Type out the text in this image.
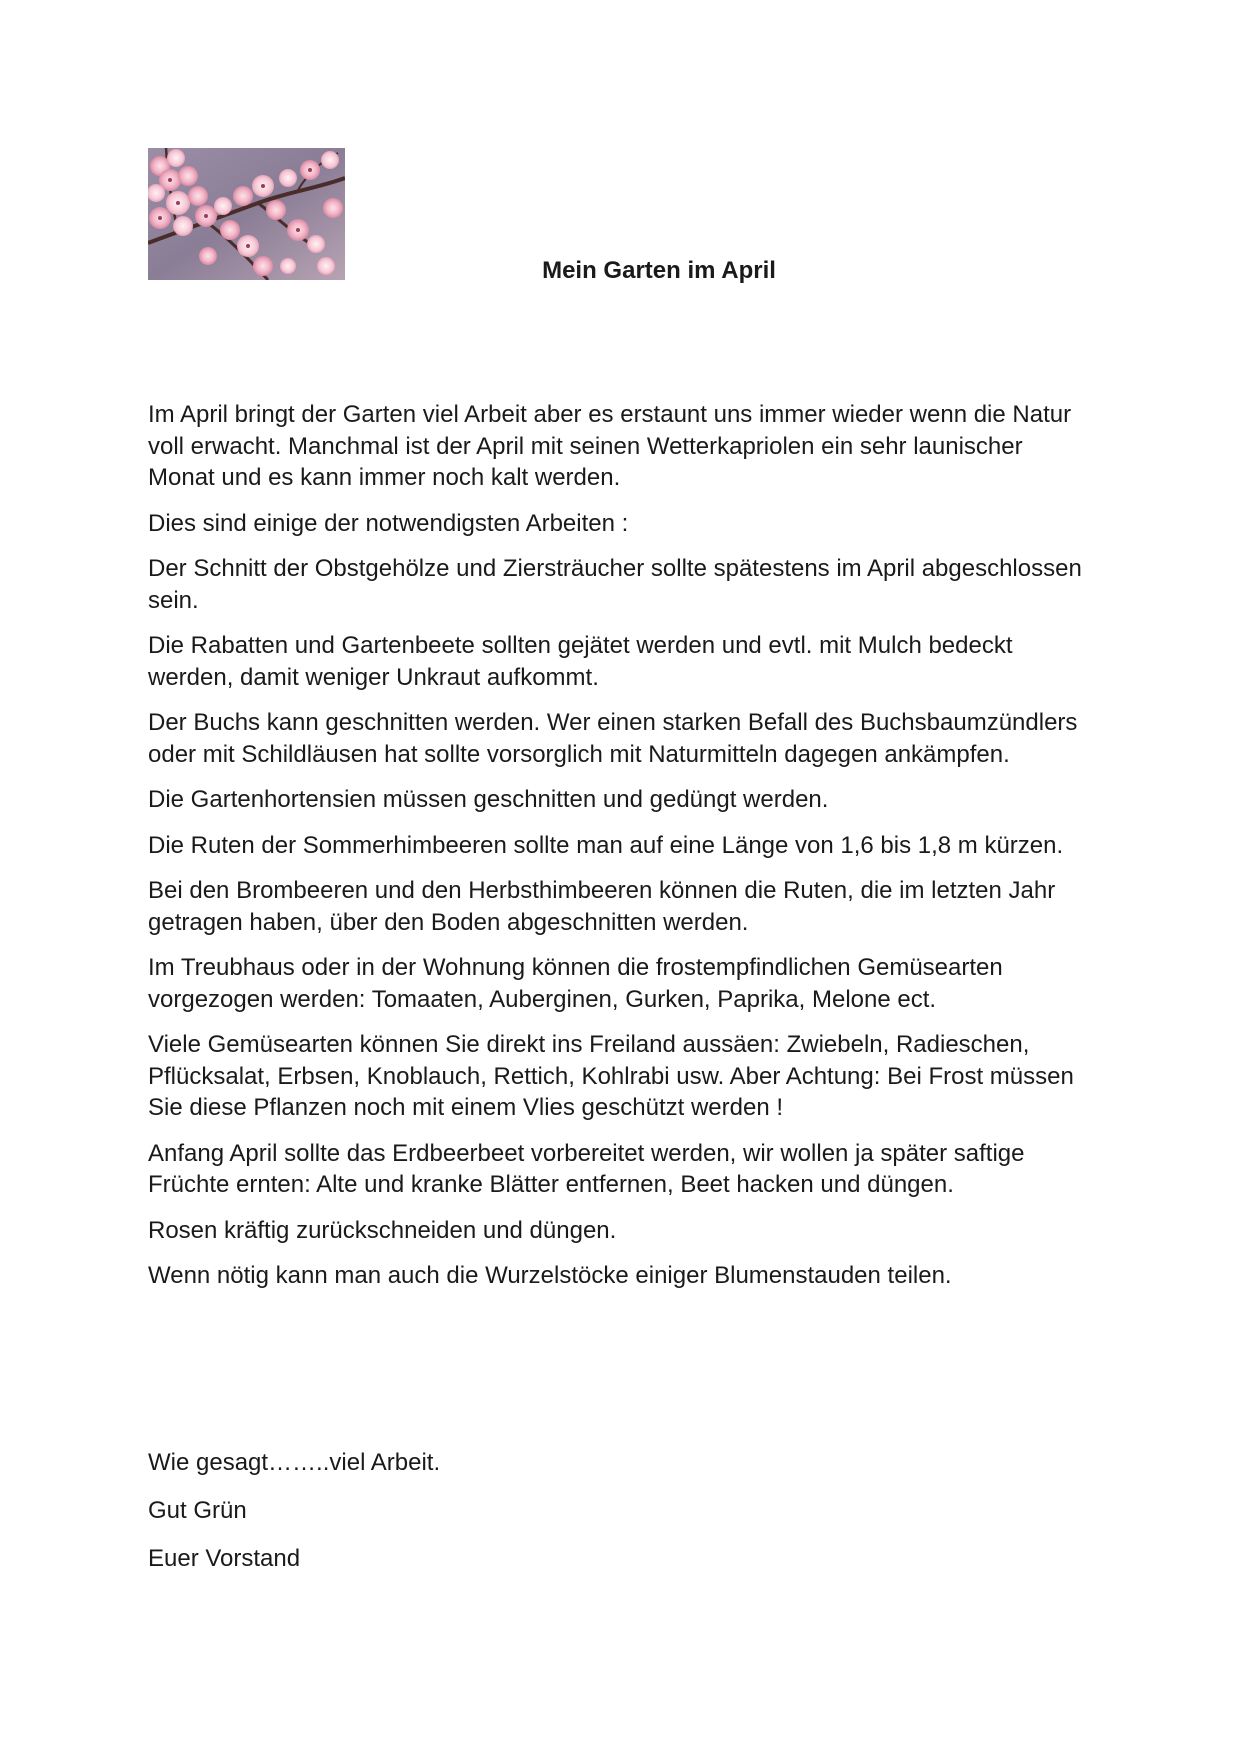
Mein Garten im April

Im April bringt der Garten viel Arbeit aber es erstaunt uns immer wieder wenn die Natur voll erwacht. Manchmal ist der April mit seinen Wetterkapriolen ein sehr launischer Monat und es kann immer noch kalt werden.

Dies sind einige der notwendigsten Arbeiten :

Der Schnitt der Obstgehölze und Ziersträucher sollte spätestens im April abgeschlossen sein.

Die Rabatten und Gartenbeete sollten gejätet werden und evtl. mit Mulch bedeckt werden, damit weniger Unkraut aufkommt.

Der Buchs kann geschnitten werden. Wer einen starken Befall des Buchsbaumzündlers oder mit Schildläusen hat sollte vorsorglich mit Naturmitteln dagegen ankämpfen.

Die Gartenhortensien müssen geschnitten und gedüngt werden.

Die Ruten der Sommerhimbeeren sollte man auf eine Länge von 1,6 bis 1,8 m kürzen.

Bei den Brombeeren und den Herbsthimbeeren können die Ruten, die im letzten Jahr getragen haben, über den Boden abgeschnitten werden.

Im Treubhaus oder in der Wohnung können die frostempfindlichen Gemüsearten vorgezogen werden: Tomaaten, Auberginen, Gurken, Paprika, Melone ect.

Viele Gemüsearten können Sie direkt ins Freiland aussäen: Zwiebeln, Radieschen, Pflücksalat, Erbsen, Knoblauch, Rettich, Kohlrabi usw. Aber Achtung: Bei Frost müssen Sie diese Pflanzen noch mit einem Vlies geschützt werden !

Anfang April sollte das Erdbeerbeet vorbereitet werden, wir wollen ja später saftige Früchte ernten: Alte und kranke Blätter entfernen, Beet hacken und düngen.

Rosen kräftig zurückschneiden und düngen.

Wenn nötig kann man auch die Wurzelstöcke einiger Blumenstauden teilen.

Wie gesagt……..viel Arbeit.

Gut Grün

Euer Vorstand
